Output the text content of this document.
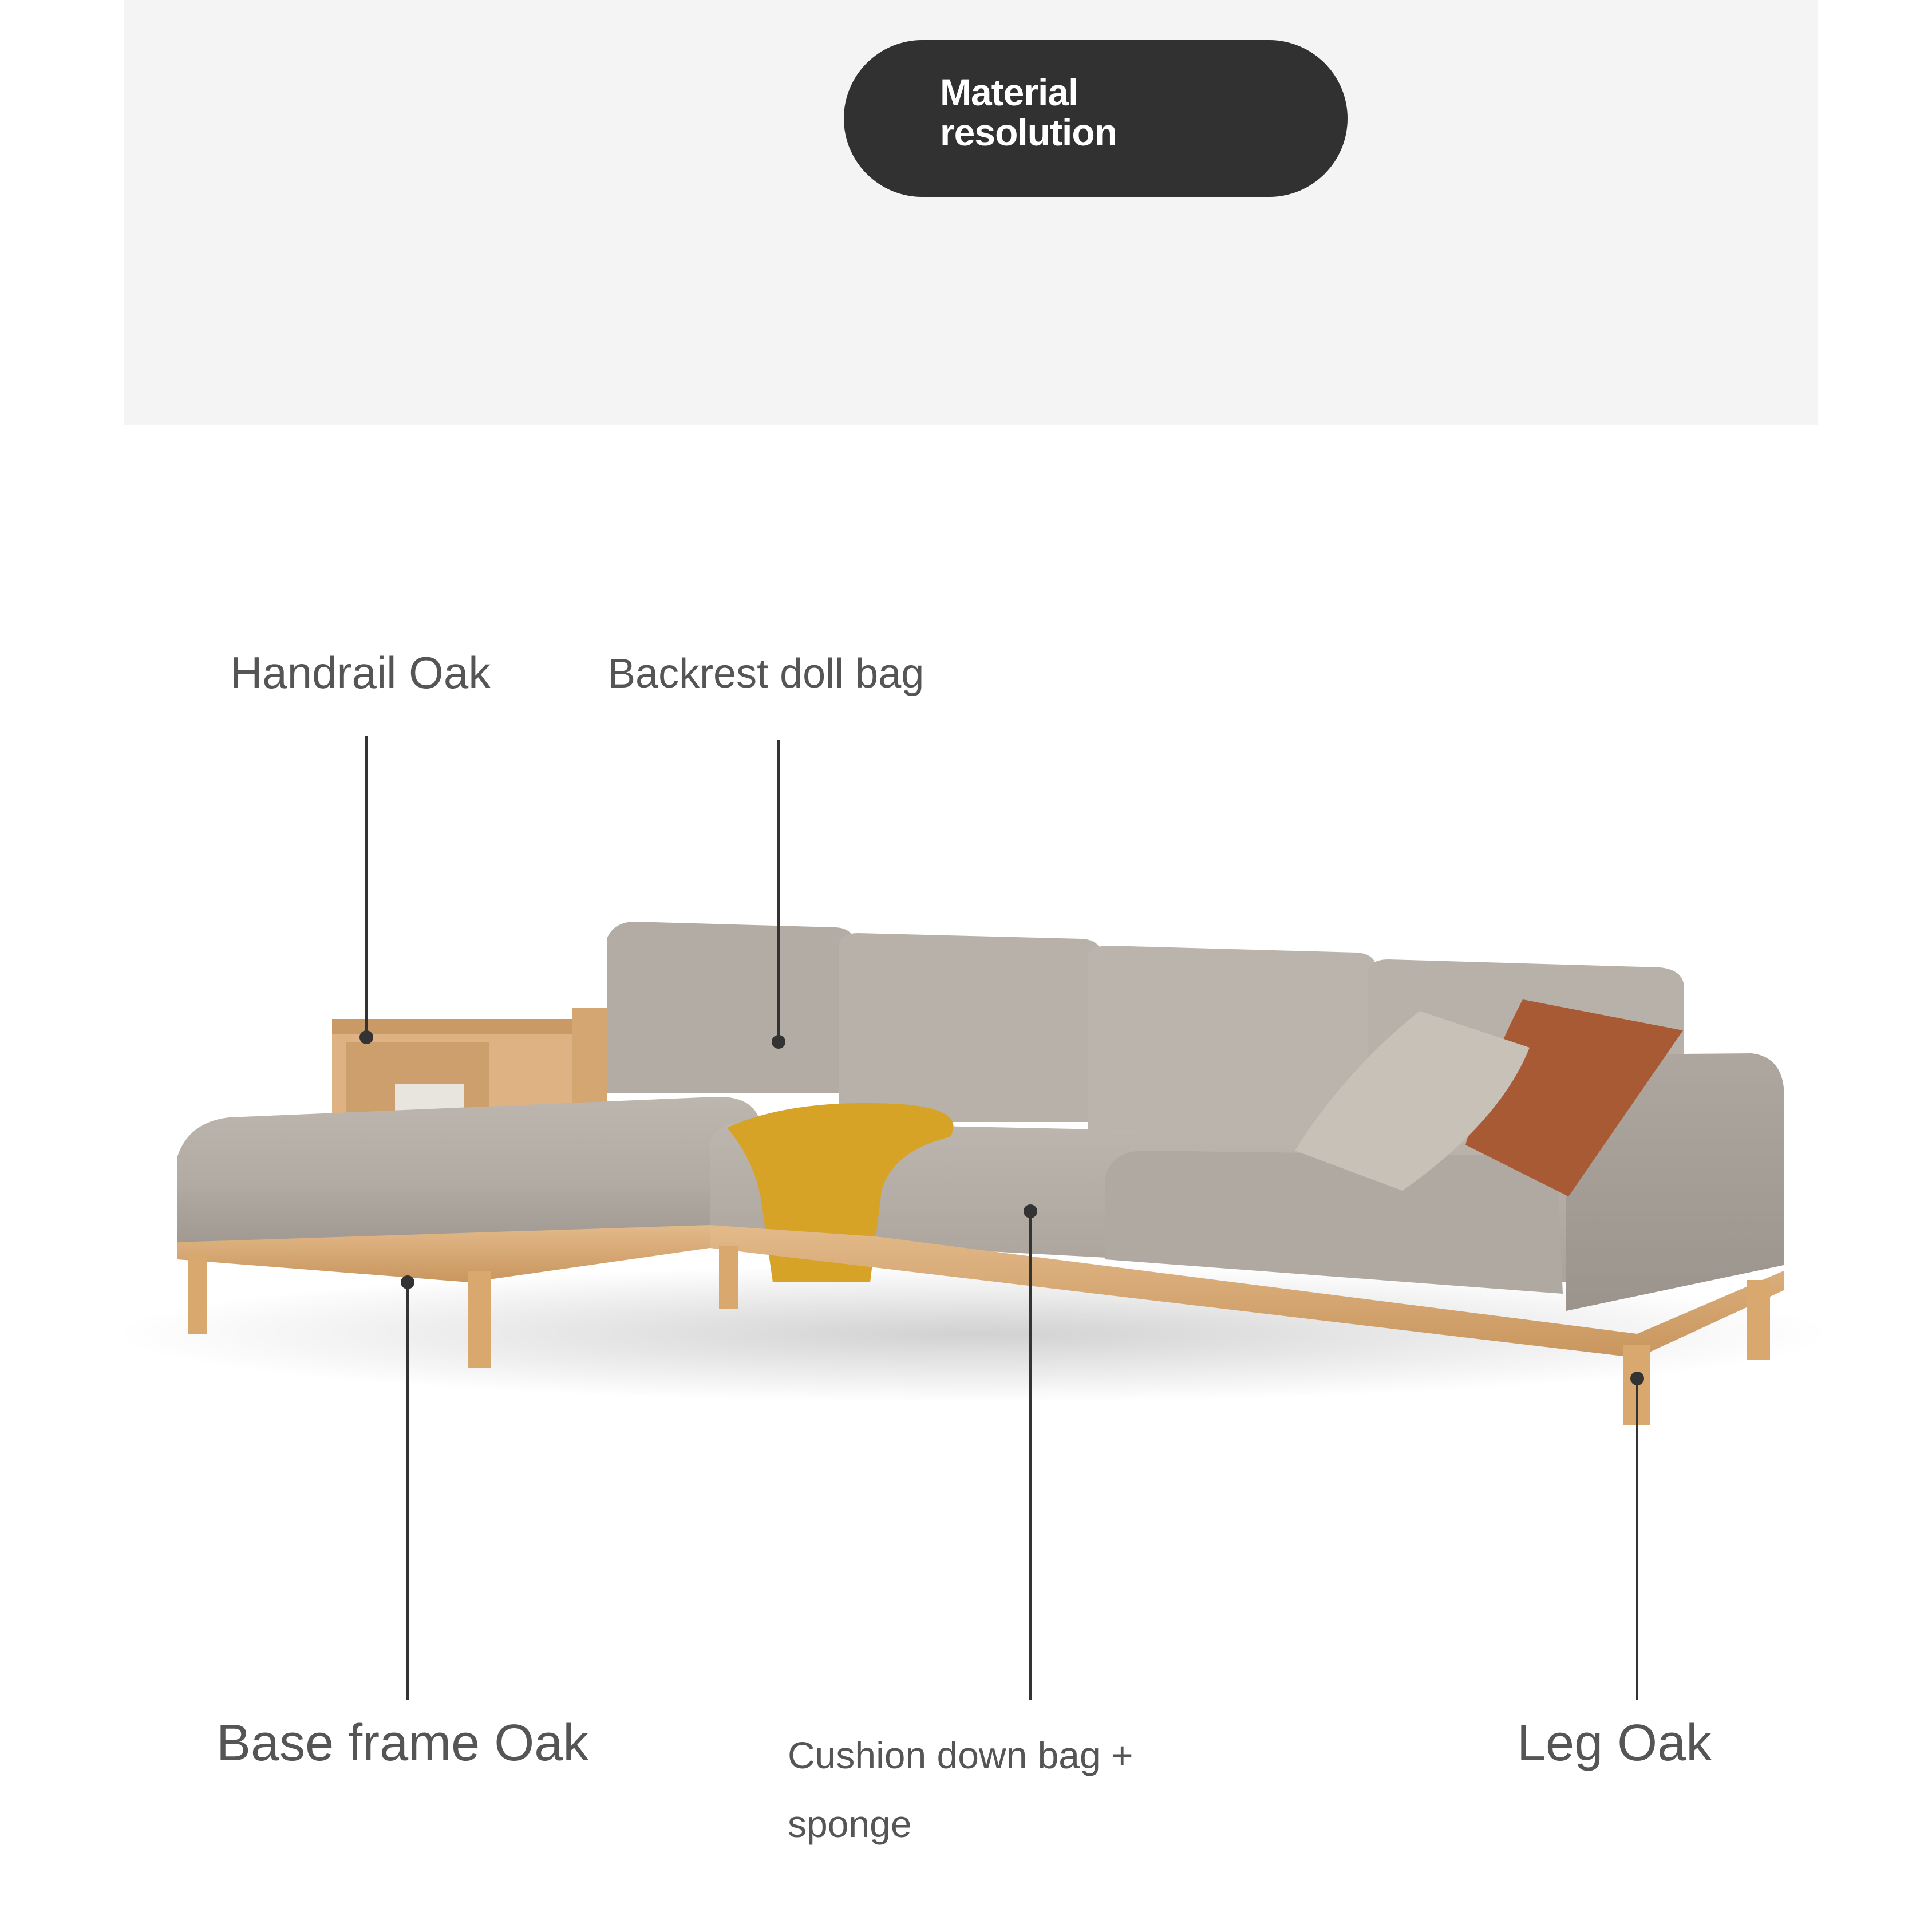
Material
resolution
Handrail Oak	Backrest doll bag
Base frame Oak	Cushion down bag + sponge
Leg Oak
